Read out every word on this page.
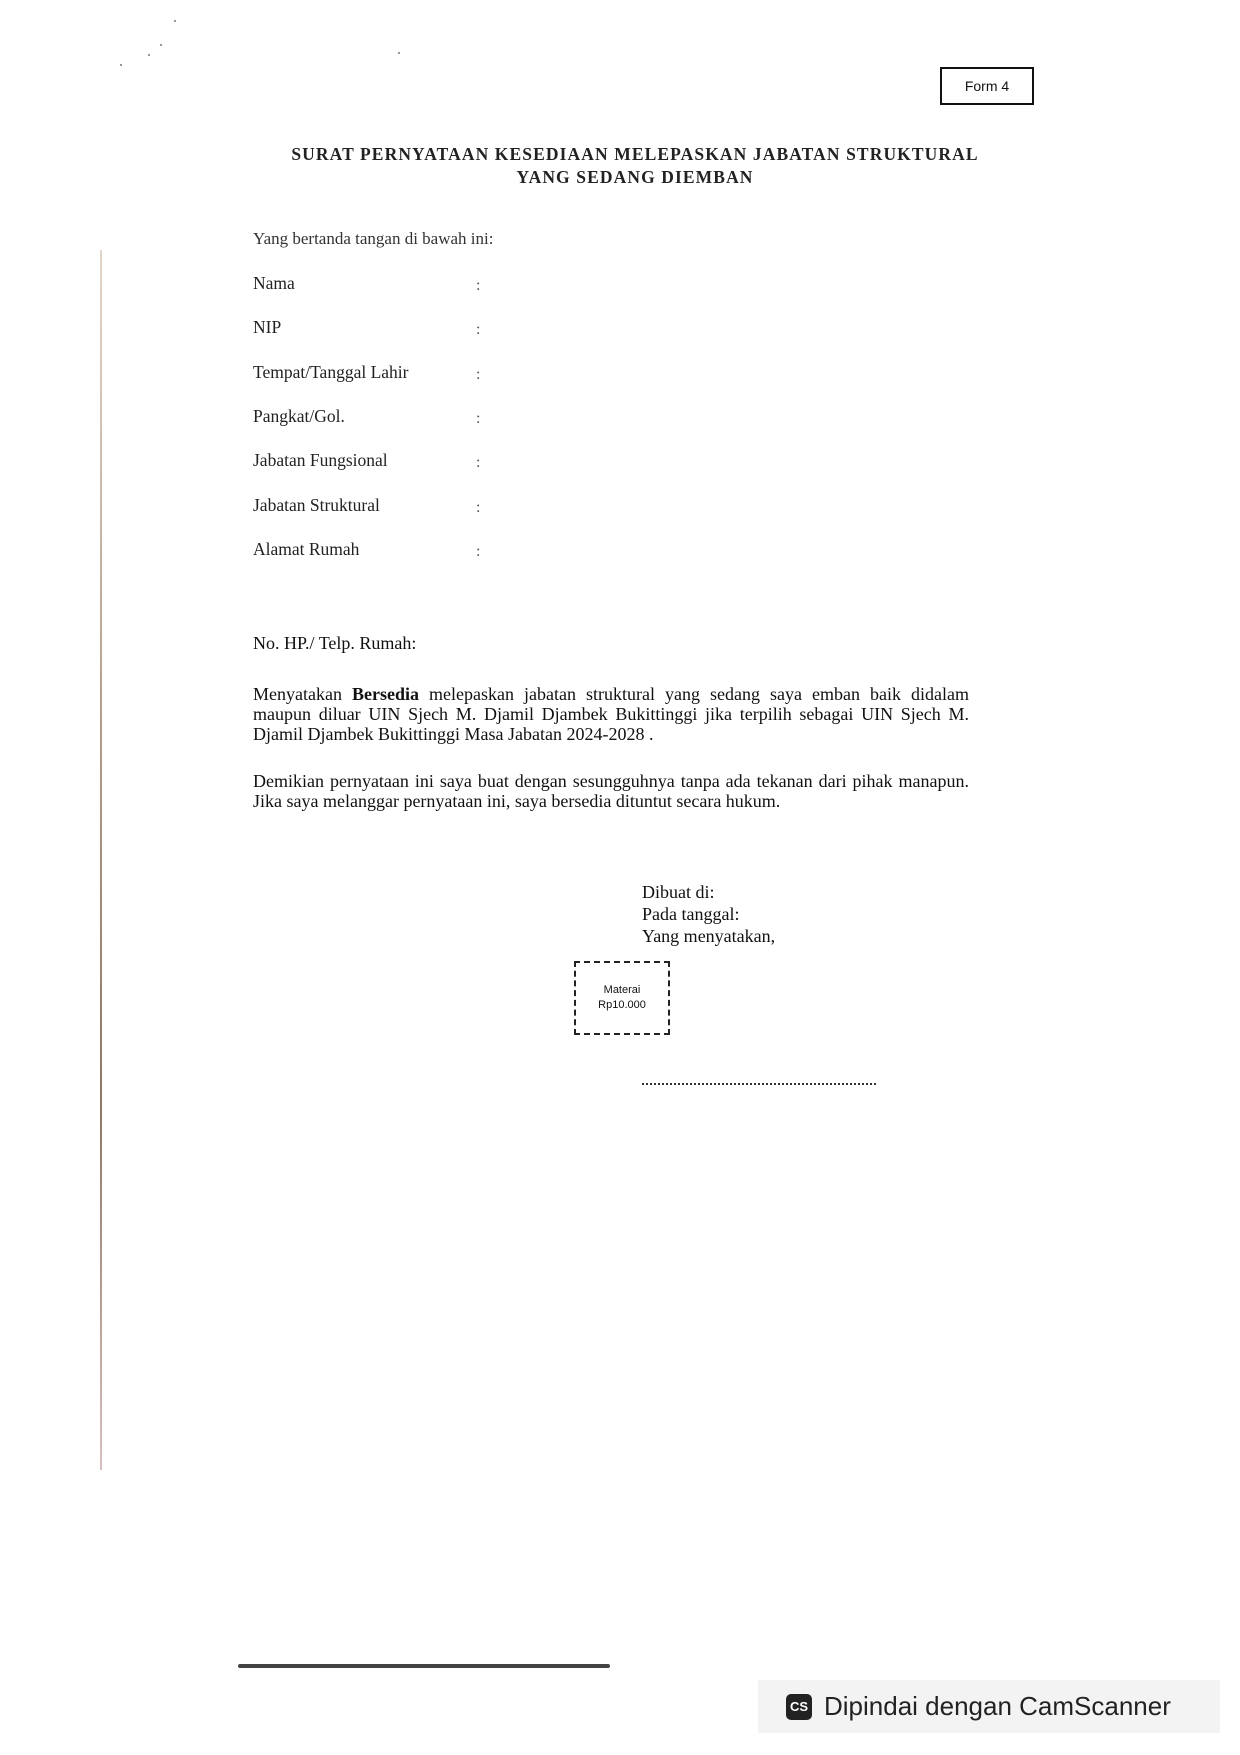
Form 4
SURAT PERNYATAAN KESEDIAAN MELEPASKAN JABATAN STRUKTURAL
YANG SEDANG DIEMBAN
Yang bertanda tangan di bawah ini:
Nama	:
NIP	:
Tempat/Tanggal Lahir	:
Pangkat/Gol.	:
Jabatan Fungsional	:
Jabatan Struktural	:
Alamat Rumah	:
No. HP./ Telp. Rumah:
Menyatakan Bersedia melepaskan jabatan struktural yang sedang saya emban baik didalam maupun diluar UIN Sjech M. Djamil Djambek Bukittinggi jika terpilih sebagai UIN Sjech M. Djamil Djambek Bukittinggi Masa Jabatan 2024-2028 .
Demikian pernyataan ini saya buat dengan sesungguhnya tanpa ada tekanan dari pihak manapun. Jika saya melanggar pernyataan ini, saya bersedia dituntut secara hukum.
Dibuat di:
Pada tanggal:
Yang menyatakan,
Materai
Rp10.000
CS Dipindai dengan CamScanner
